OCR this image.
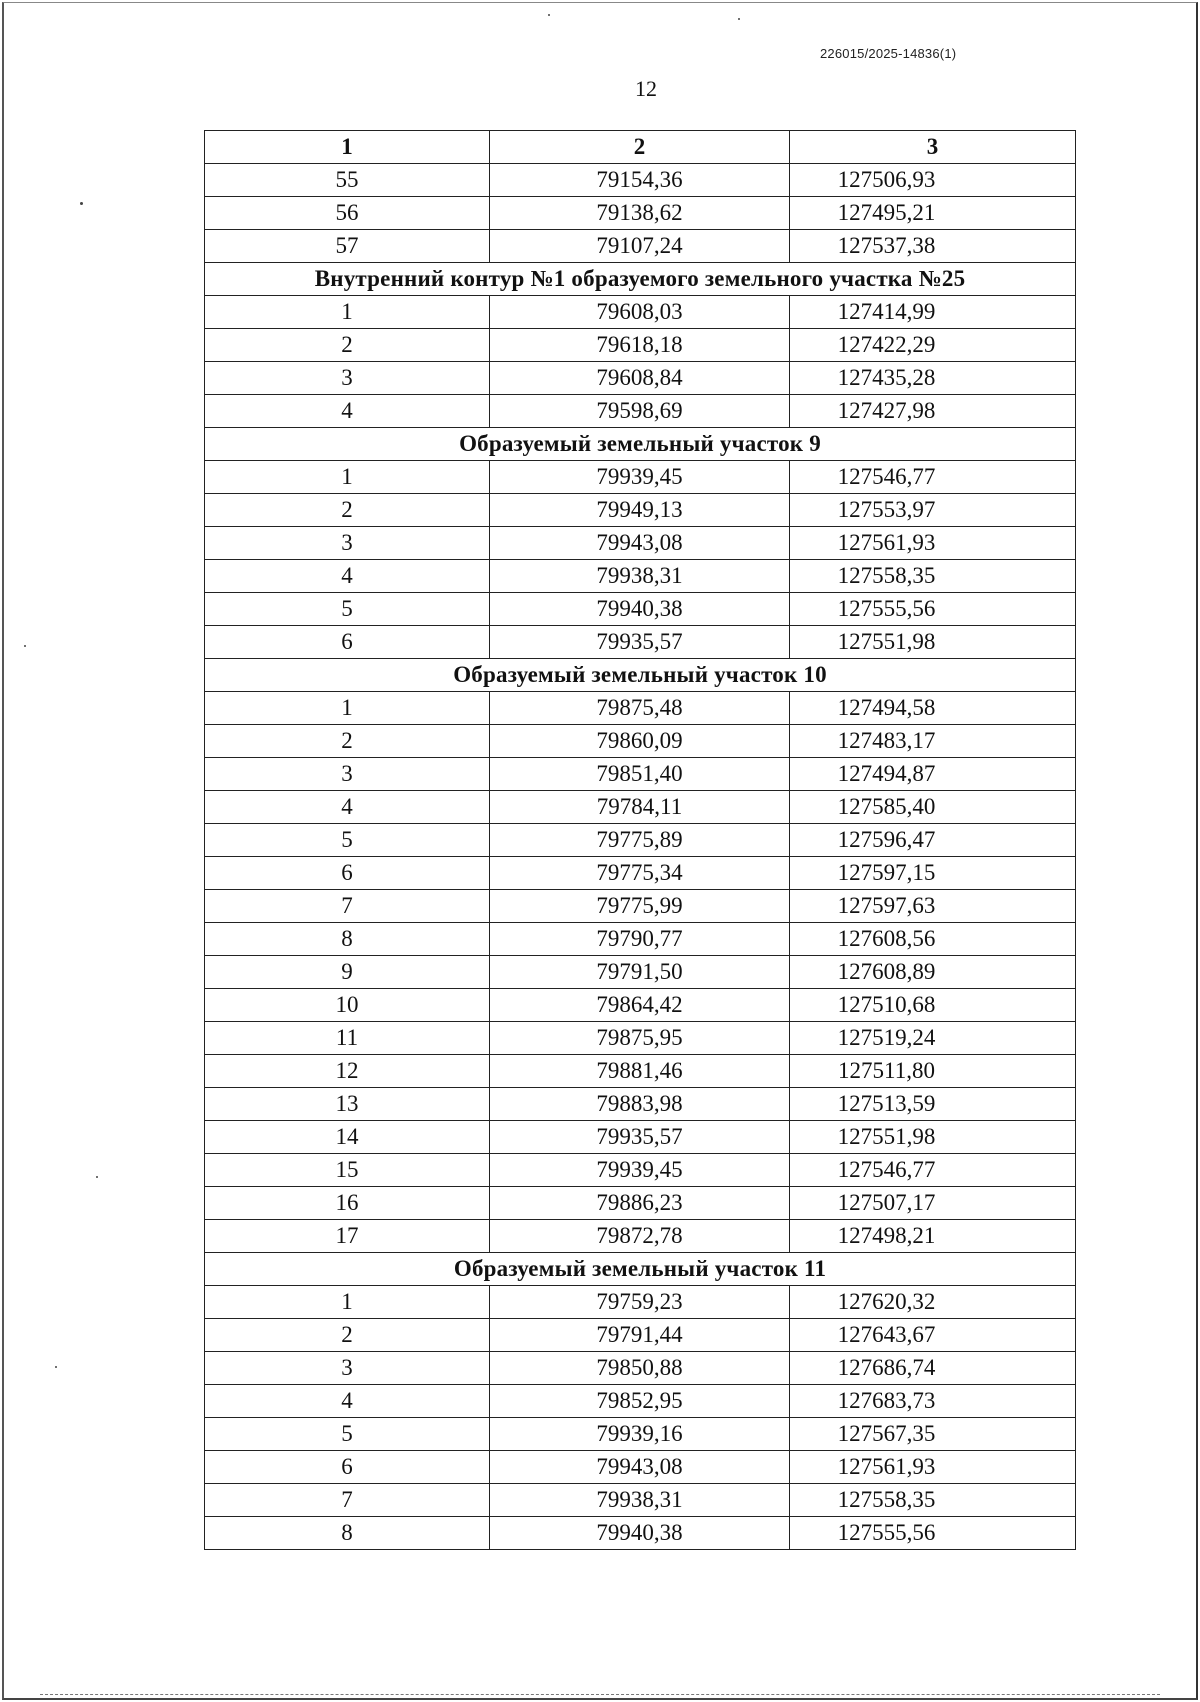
226015/2025-14836(1)
12
1	2	3
55	79154,36	127506,93
56	79138,62	127495,21
57	79107,24	127537,38
Внутренний контур №1 образуемого земельного участка №25		
1	79608,03	127414,99
2	79618,18	127422,29
3	79608,84	127435,28
4	79598,69	127427,98
Образуемый земельный участок 9		
1	79939,45	127546,77
2	79949,13	127553,97
3	79943,08	127561,93
4	79938,31	127558,35
5	79940,38	127555,56
6	79935,57	127551,98
Образуемый земельный участок 10		
1	79875,48	127494,58
2	79860,09	127483,17
3	79851,40	127494,87
4	79784,11	127585,40
5	79775,89	127596,47
6	79775,34	127597,15
7	79775,99	127597,63
8	79790,77	127608,56
9	79791,50	127608,89
10	79864,42	127510,68
11	79875,95	127519,24
12	79881,46	127511,80
13	79883,98	127513,59
14	79935,57	127551,98
15	79939,45	127546,77
16	79886,23	127507,17
17	79872,78	127498,21
Образуемый земельный участок 11		
1	79759,23	127620,32
2	79791,44	127643,67
3	79850,88	127686,74
4	79852,95	127683,73
5	79939,16	127567,35
6	79943,08	127561,93
7	79938,31	127558,35
8	79940,38	127555,56
